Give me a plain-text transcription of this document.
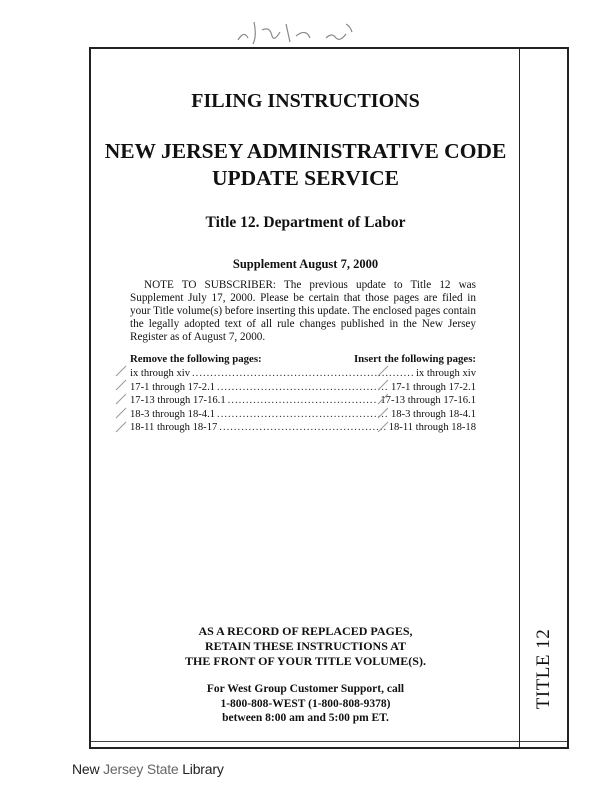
TITLE 12
FILING INSTRUCTIONS
NEW JERSEY ADMINISTRATIVE CODE
UPDATE SERVICE
Title 12. Department of Labor
Supplement August 7, 2000
NOTE TO SUBSCRIBER: The previous update to Title 12 was Supplement July 17, 2000. Please be certain that those pages are filed in your Title volume(s) before inserting this update. The enclosed pages contain the legally adopted text of all rule changes published in the New Jersey Register as of August 7, 2000.
Remove the following pages:	Insert the following pages:
ix through xiv .....	ix through xiv
17-1 through 17-2.1 .....	17-1 through 17-2.1
17-13 through 17-16.1 .....	17-13 through 17-16.1
18-3 through 18-4.1 .....	18-3 through 18-4.1
18-11 through 18-17 .....	18-11 through 18-18
AS A RECORD OF REPLACED PAGES,
RETAIN THESE INSTRUCTIONS AT
THE FRONT OF YOUR TITLE VOLUME(S).
For West Group Customer Support, call
1-800-808-WEST (1-800-808-9378)
between 8:00 am and 5:00 pm ET.
New Jersey State Library
